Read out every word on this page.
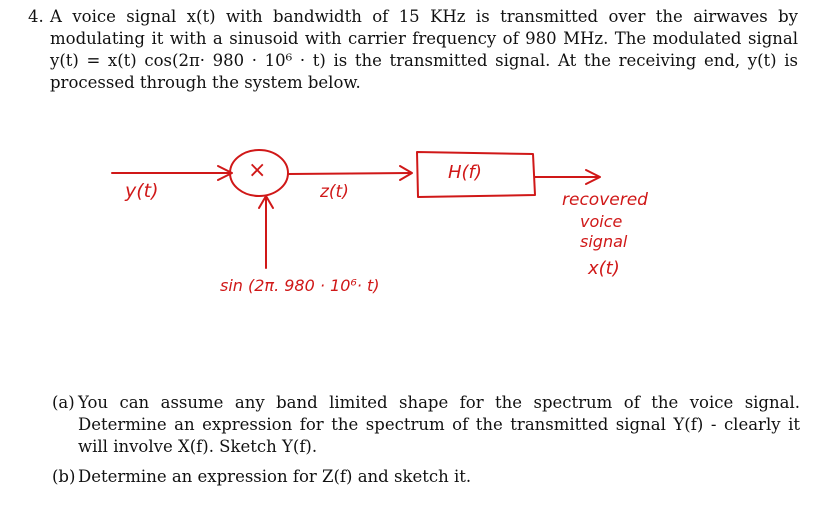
4. A voice signal x(t) with bandwidth of 15 KHz is transmitted over the airwaves by modulating it with a sinusoid with carrier frequency of 980 MHz. The modulated signal y(t) = x(t) cos(2π· 980 · 10⁶ · t) is the transmitted signal. At the receiving end, y(t) is processed through the system below.
y(t)
×
z(t)
H(f)
sin (2π. 980 · 10⁶· t)
recovered
voice
signal
x(t)
(a) You can assume any band limited shape for the spectrum of the voice signal. Determine an expression for the spectrum of the transmitted signal Y(f) - clearly it will involve X(f). Sketch Y(f).
(b) Determine an expression for Z(f) and sketch it.
